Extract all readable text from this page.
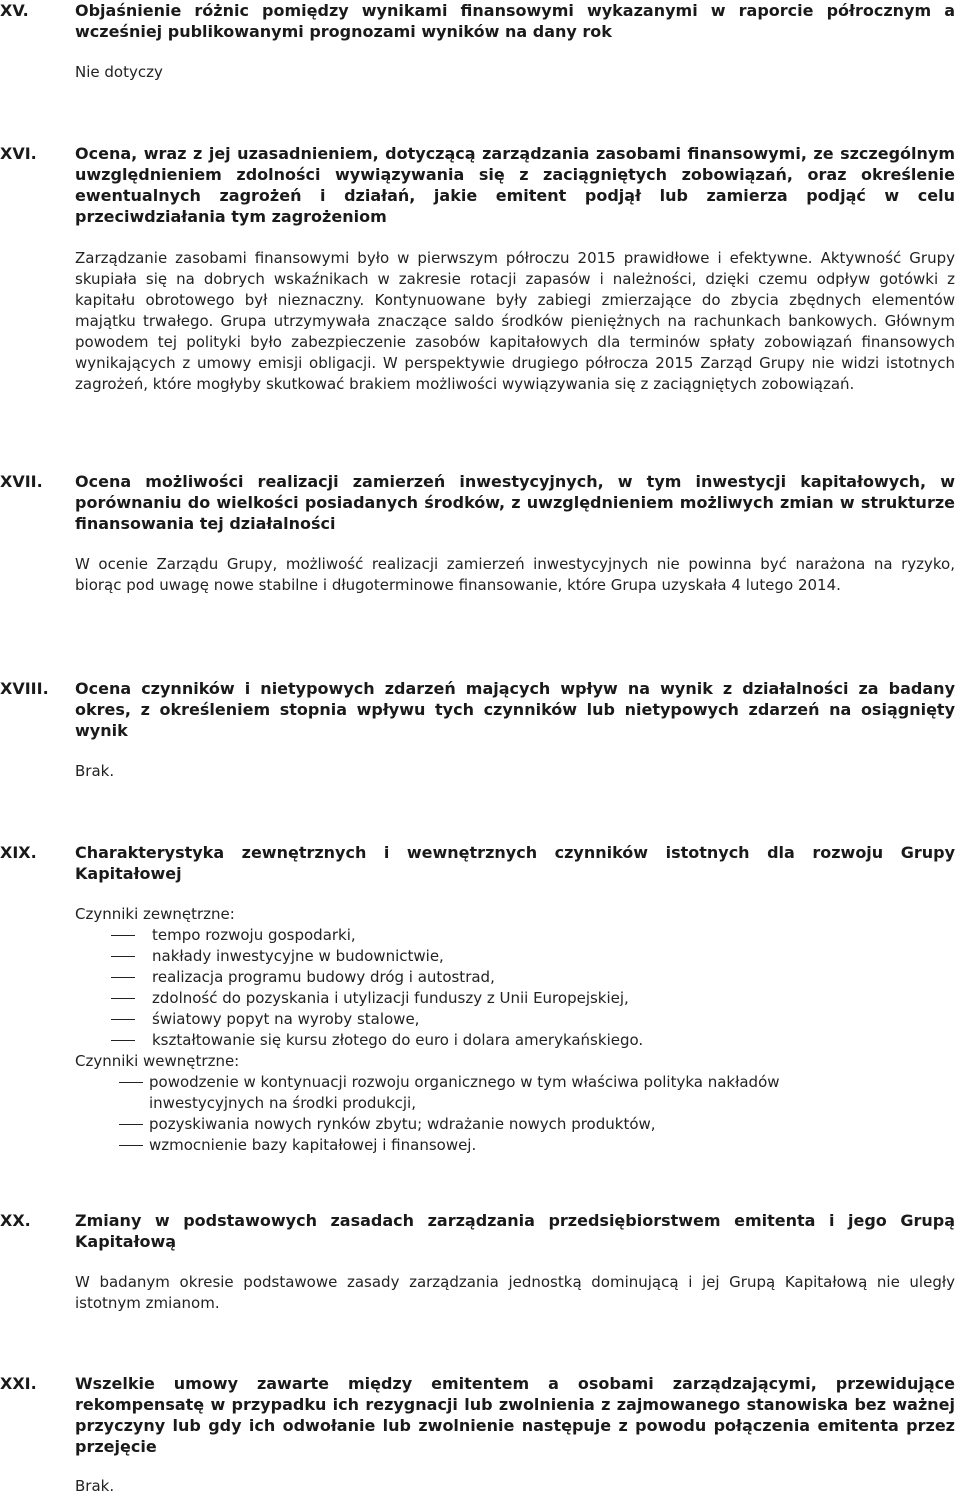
XV.	Objaśnienie różnic pomiędzy wynikami finansowymi wykazanymi w raporcie półrocznym a wcześniej publikowanymi prognozami wyników na dany rok

Nie dotyczy

XVI.	Ocena, wraz z jej uzasadnieniem, dotyczącą zarządzania zasobami finansowymi, ze szczególnym uwzględnieniem zdolności wywiązywania się z zaciągniętych zobowiązań, oraz określenie ewentualnych zagrożeń i działań, jakie emitent podjął lub zamierza podjąć w celu przeciwdziałania tym zagrożeniom

Zarządzanie zasobami finansowymi było w pierwszym półroczu 2015 prawidłowe i efektywne. Aktywność Grupy skupiała się na dobrych wskaźnikach w zakresie rotacji zapasów i należności, dzięki czemu odpływ gotówki z kapitału obrotowego był nieznaczny. Kontynuowane były zabiegi zmierzające do zbycia zbędnych elementów majątku trwałego. Grupa utrzymywała znaczące saldo środków pieniężnych na rachunkach bankowych. Głównym powodem tej polityki było zabezpieczenie zasobów kapitałowych dla terminów spłaty zobowiązań finansowych wynikających z umowy emisji obligacji. W perspektywie drugiego półrocza 2015 Zarząd Grupy nie widzi istotnych zagrożeń, które mogłyby skutkować brakiem możliwości wywiązywania się z zaciągniętych zobowiązań.

XVII.	Ocena możliwości realizacji zamierzeń inwestycyjnych, w tym inwestycji kapitałowych, w porównaniu do wielkości posiadanych środków, z uwzględnieniem możliwych zmian w strukturze finansowania tej działalności

W ocenie Zarządu Grupy, możliwość realizacji zamierzeń inwestycyjnych nie powinna być narażona na ryzyko, biorąc pod uwagę nowe stabilne i długoterminowe finansowanie, które Grupa uzyskała 4 lutego 2014.

XVIII.	Ocena czynników i nietypowych zdarzeń mających wpływ na wynik z działalności za badany okres, z określeniem stopnia wpływu tych czynników lub nietypowych zdarzeń na osiągnięty wynik

Brak.

XIX.	Charakterystyka zewnętrznych i wewnętrznych czynników istotnych dla rozwoju Grupy Kapitałowej

Czynniki zewnętrzne:

tempo rozwoju gospodarki,
nakłady inwestycyjne w budownictwie,
realizacja programu budowy dróg i autostrad,
zdolność do pozyskania i utylizacji funduszy z Unii Europejskiej,
światowy popyt na wyroby stalowe,
kształtowanie się kursu złotego do euro i dolara amerykańskiego.

Czynniki wewnętrzne:

powodzenie w kontynuacji rozwoju organicznego w tym właściwa polityka nakładów inwestycyjnych na środki produkcji,
pozyskiwania nowych rynków zbytu; wdrażanie nowych produktów,
wzmocnienie bazy kapitałowej i finansowej.
XX.	Zmiany w podstawowych zasadach zarządzania przedsiębiorstwem emitenta i jego Grupą Kapitałową

W badanym okresie podstawowe zasady zarządzania jednostką dominującą i jej Grupą Kapitałową nie uległy istotnym zmianom.

XXI.	Wszelkie umowy zawarte między emitentem a osobami zarządzającymi, przewidujące rekompensatę w przypadku ich rezygnacji lub zwolnienia z zajmowanego stanowiska bez ważnej przyczyny lub gdy ich odwołanie lub zwolnienie następuje z powodu połączenia emitenta przez przejęcie

Brak.
